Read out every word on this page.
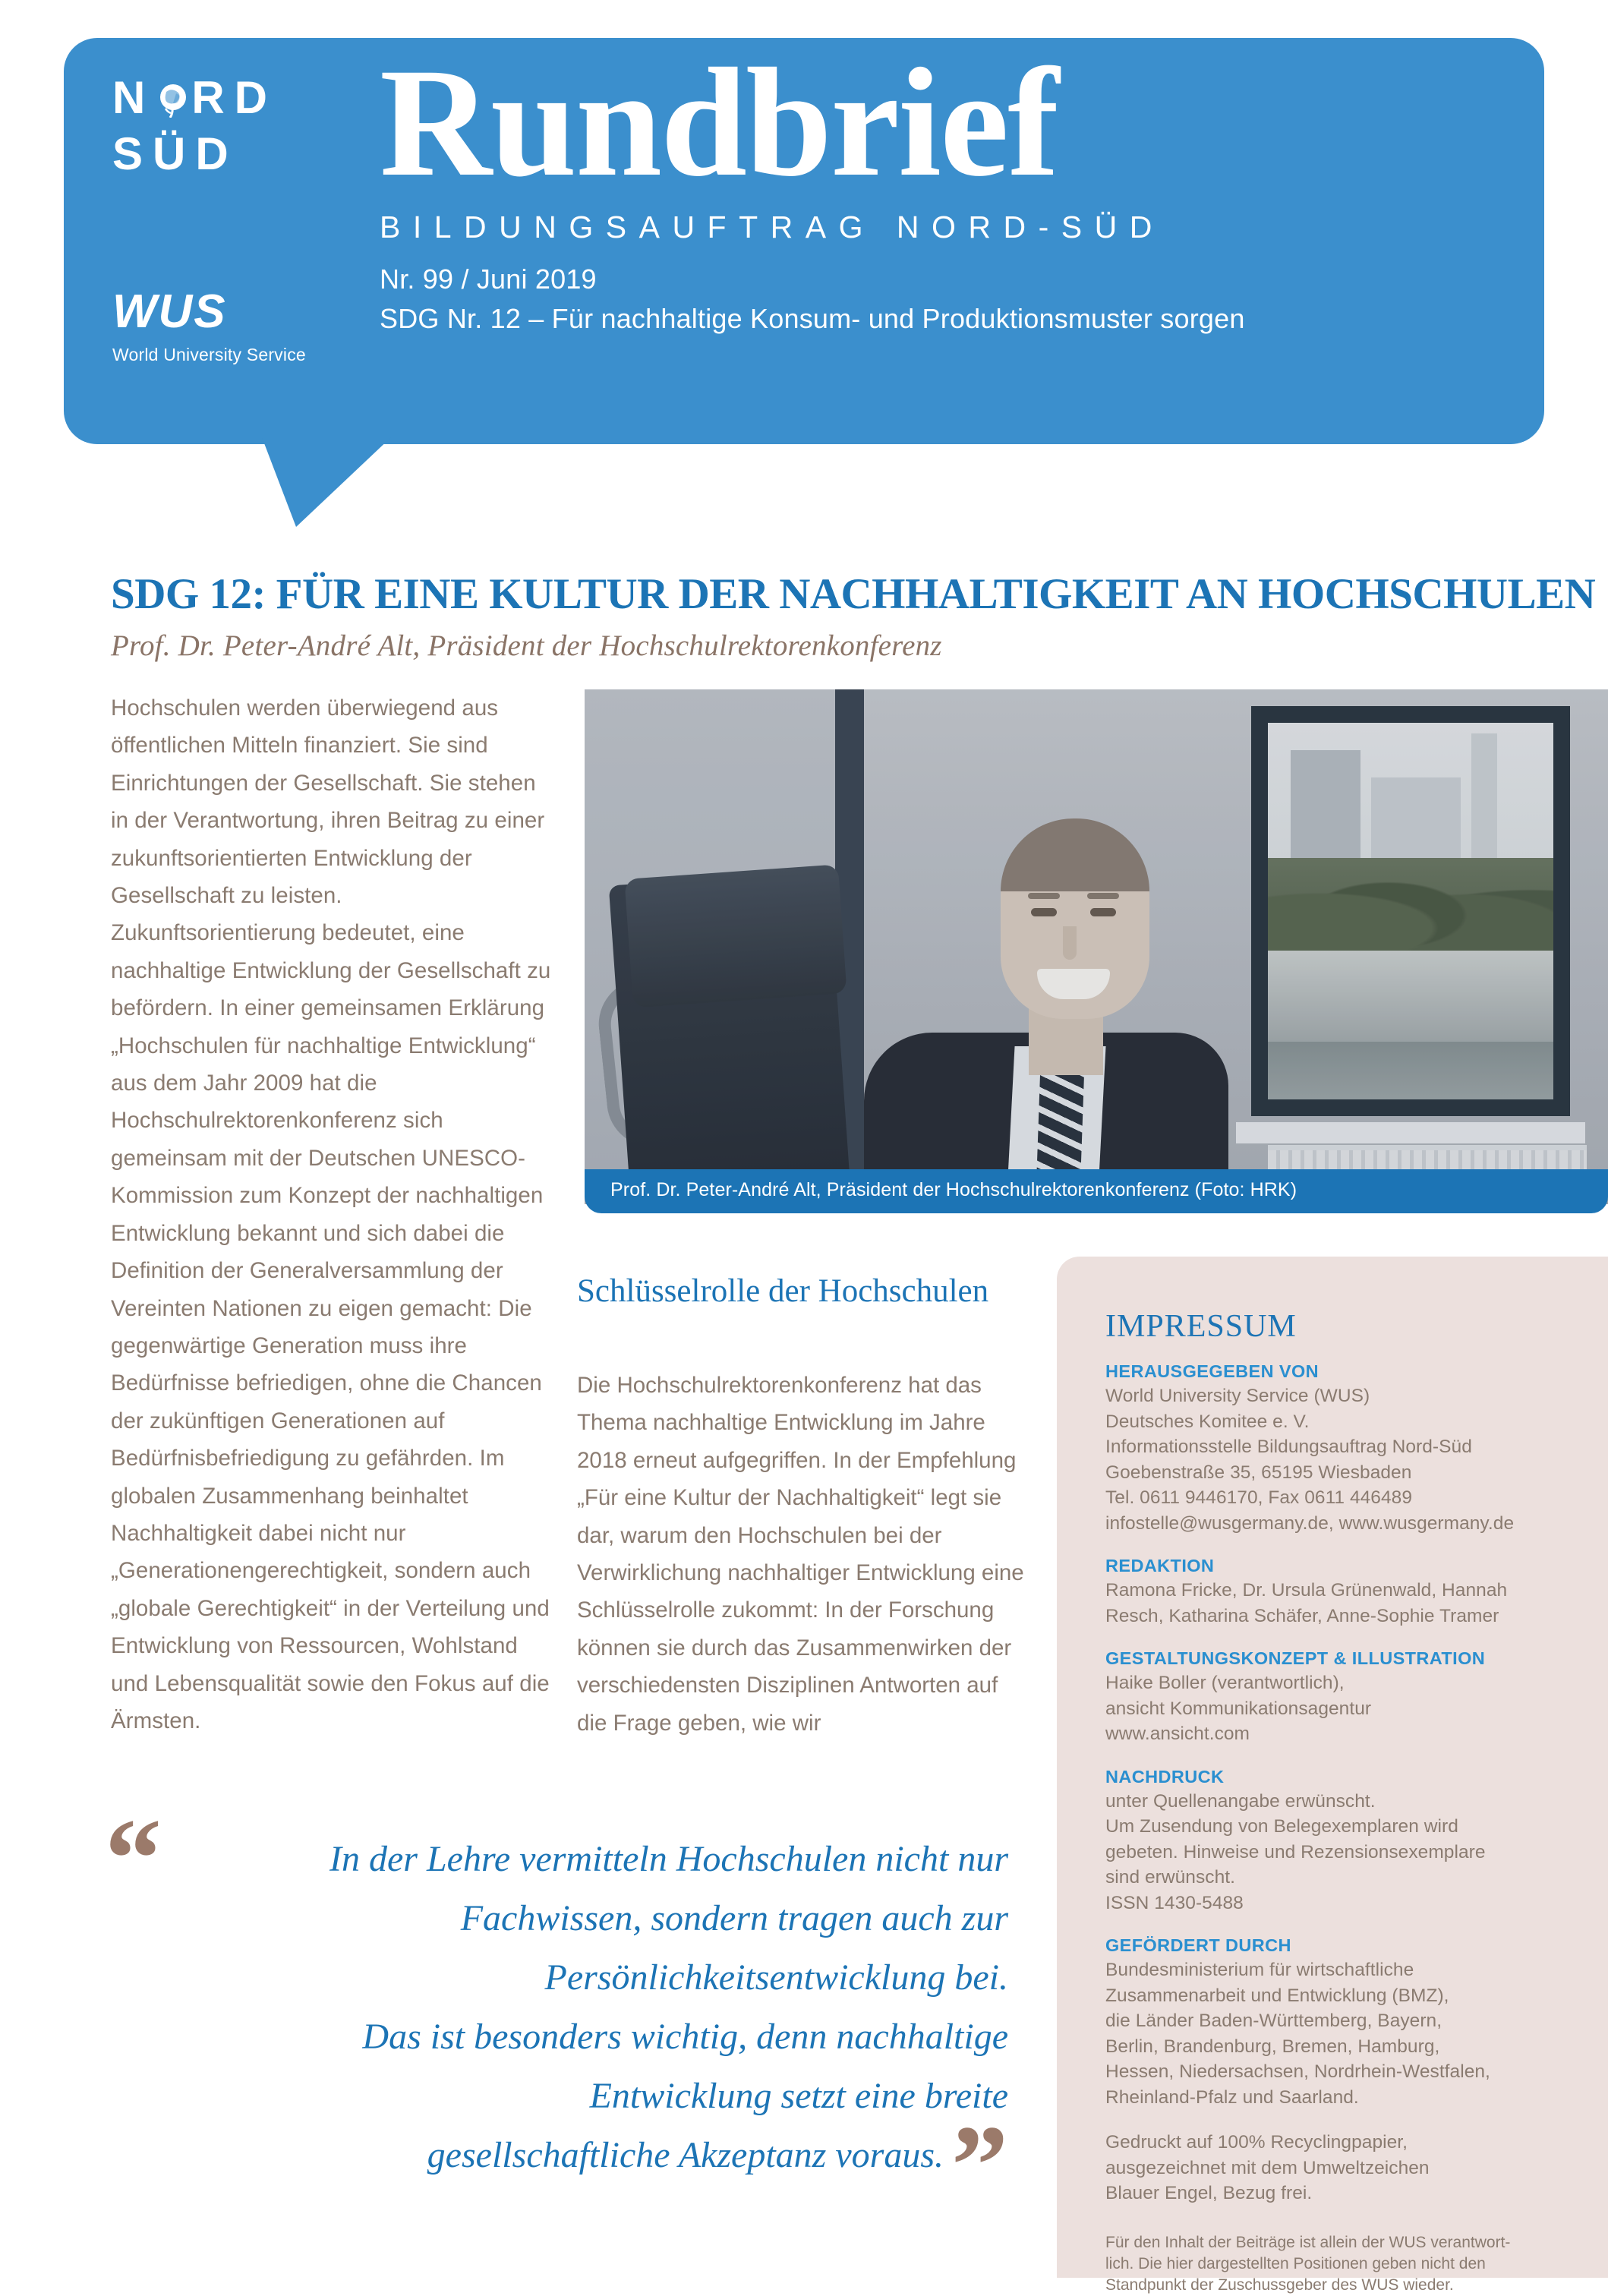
N RD
SÜD
WUS
World University Service
Rundbrief
BILDUNGSAUFTRAG NORD-SÜD
Nr. 99 / Juni 2019
SDG Nr. 12 – Für nachhaltige Konsum- und Produktionsmuster sorgen
SDG 12: FÜR EINE KULTUR DER NACHHALTIGKEIT AN HOCHSCHULEN
Prof. Dr. Peter-André Alt, Präsident der Hochschulrektorenkonferenz
Hochschulen werden überwiegend aus öffentlichen Mitteln finanziert. Sie sind Einrichtungen der Gesellschaft. Sie stehen in der Verantwortung, ihren Beitrag zu einer zukunftsorientierten Entwicklung der Gesellschaft zu leisten. Zukunftsorientierung bedeutet, eine nachhaltige Entwicklung der Gesellschaft zu befördern. In einer gemeinsamen Erklärung „Hochschulen für nachhaltige Entwicklung“ aus dem Jahr 2009 hat die Hochschulrektorenkonferenz sich gemeinsam mit der Deutschen UNESCO-Kommission zum Konzept der nachhaltigen Entwicklung bekannt und sich dabei die Definition der Generalversammlung der Vereinten Nationen zu eigen gemacht: Die gegenwärtige Generation muss ihre Bedürfnisse befriedigen, ohne die Chancen der zukünftigen Generationen auf Bedürfnisbefriedigung zu gefährden. Im globalen Zusammenhang beinhaltet Nachhaltigkeit dabei nicht nur „Generationengerechtigkeit, sondern auch „globale Gerechtigkeit“ in der Verteilung und Entwicklung von Ressourcen, Wohlstand und Lebensqualität sowie den Fokus auf die Ärmsten.
Prof. Dr. Peter-André Alt, Präsident der Hochschulrektorenkonferenz (Foto: HRK)
Schlüsselrolle der Hochschulen
Die Hochschulrektorenkonferenz hat das Thema nachhaltige Entwicklung im Jahre 2018 erneut aufgegriffen. In der Empfehlung „Für eine Kultur der Nachhaltigkeit“ legt sie dar, warum den Hochschulen bei der Verwirklichung nachhaltiger Entwicklung eine Schlüsselrolle zukommt: In der Forschung können sie durch das Zusammenwirken der verschiedensten Disziplinen Antworten auf die Frage geben, wie wir
IMPRESSUM
HERAUSGEGEBEN VON
World University Service (WUS)
Deutsches Komitee e. V.
Informationsstelle Bildungsauftrag Nord-Süd
Goebenstraße 35, 65195 Wiesbaden
Tel. 0611 9446170, Fax 0611 446489
infostelle@wusgermany.de, www.wusgermany.de
REDAKTION
Ramona Fricke, Dr. Ursula Grünenwald, Hannah
Resch, Katharina Schäfer, Anne-Sophie Tramer
GESTALTUNGSKONZEPT & ILLUSTRATION
Haike Boller (verantwortlich),
ansicht Kommunikationsagentur
www.ansicht.com
NACHDRUCK
unter Quellenangabe erwünscht.
Um Zusendung von Belegexemplaren wird
gebeten. Hinweise und Rezensionsexemplare
sind erwünscht.
ISSN 1430-5488
GEFÖRDERT DURCH
Bundesministerium für wirtschaftliche
Zusammenarbeit und Entwicklung (BMZ),
die Länder Baden-Württemberg, Bayern,
Berlin, Brandenburg, Bremen, Hamburg,
Hessen, Niedersachsen, Nordrhein-Westfalen,
Rheinland-Pfalz und Saarland.
Gedruckt auf 100% Recyclingpapier,
ausgezeichnet mit dem Umweltzeichen
Blauer Engel, Bezug frei.
Für den Inhalt der Beiträge ist allein der WUS verantwort-
lich. Die hier dargestellten Positionen geben nicht den
Standpunkt der Zuschussgeber des WUS wieder.
“	In der Lehre vermitteln Hochschulen nicht nur
Fachwissen, sondern tragen auch zur
Persönlichkeitsentwicklung bei.
Das ist besonders wichtig, denn nachhaltige
Entwicklung setzt eine breite
gesellschaftliche Akzeptanz voraus.”
